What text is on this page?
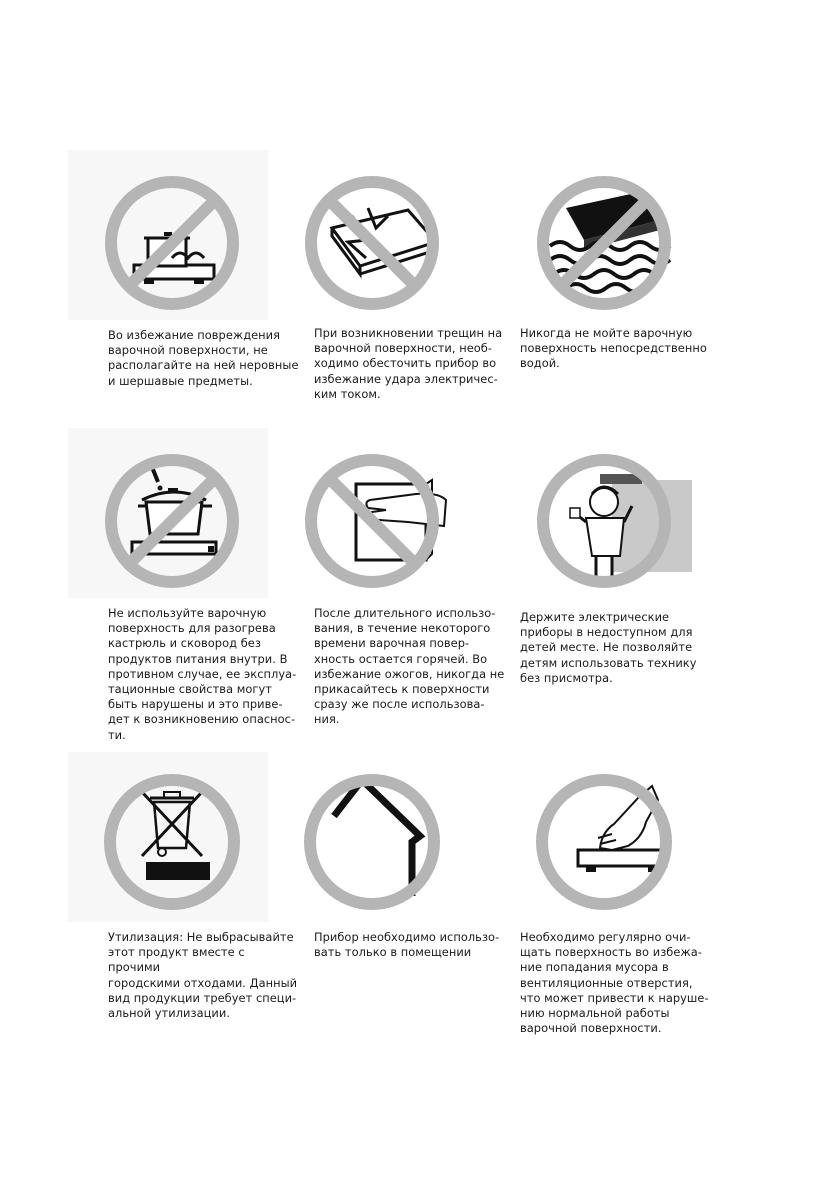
Во избежание повреждения
варочной поверхности, не
располагайте на ней неровные
и шершавые предметы.
При возникновении трещин на
варочной поверхности, необ-
ходимо обесточить прибор во
избежание удара электричес-
ким током.
Никогда не мойте варочную
поверхность непосредственно
водой.
Не используйте варочную
поверхность для разогрева
кастрюль и сковород без
продуктов питания внутри. В
противном случае, ее эксплуа-
тационные свойства могут
быть нарушены и это приве-
дет к возникновению опаснос-
ти.
После длительного использо-
вания, в течение некоторого
времени варочная повер-
хность остается горячей. Во
избежание ожогов, никогда не
прикасайтесь к поверхности
сразу же после использова-
ния.
Держите электрические
приборы в недоступном для
детей месте. Не позволяйте
детям использовать технику
без присмотра.
Утилизация: Не выбрасывайте
этот продукт вместе с прочими
городскими отходами. Данный
вид продукции требует специ-
альной утилизации.
Прибор необходимо использо-
вать только в помещении
Необходимо регулярно очи-
щать поверхность во избежа-
ние попадания мусора в
вентиляционные отверстия,
что может привести к наруше-
нию нормальной работы
варочной поверхности.
